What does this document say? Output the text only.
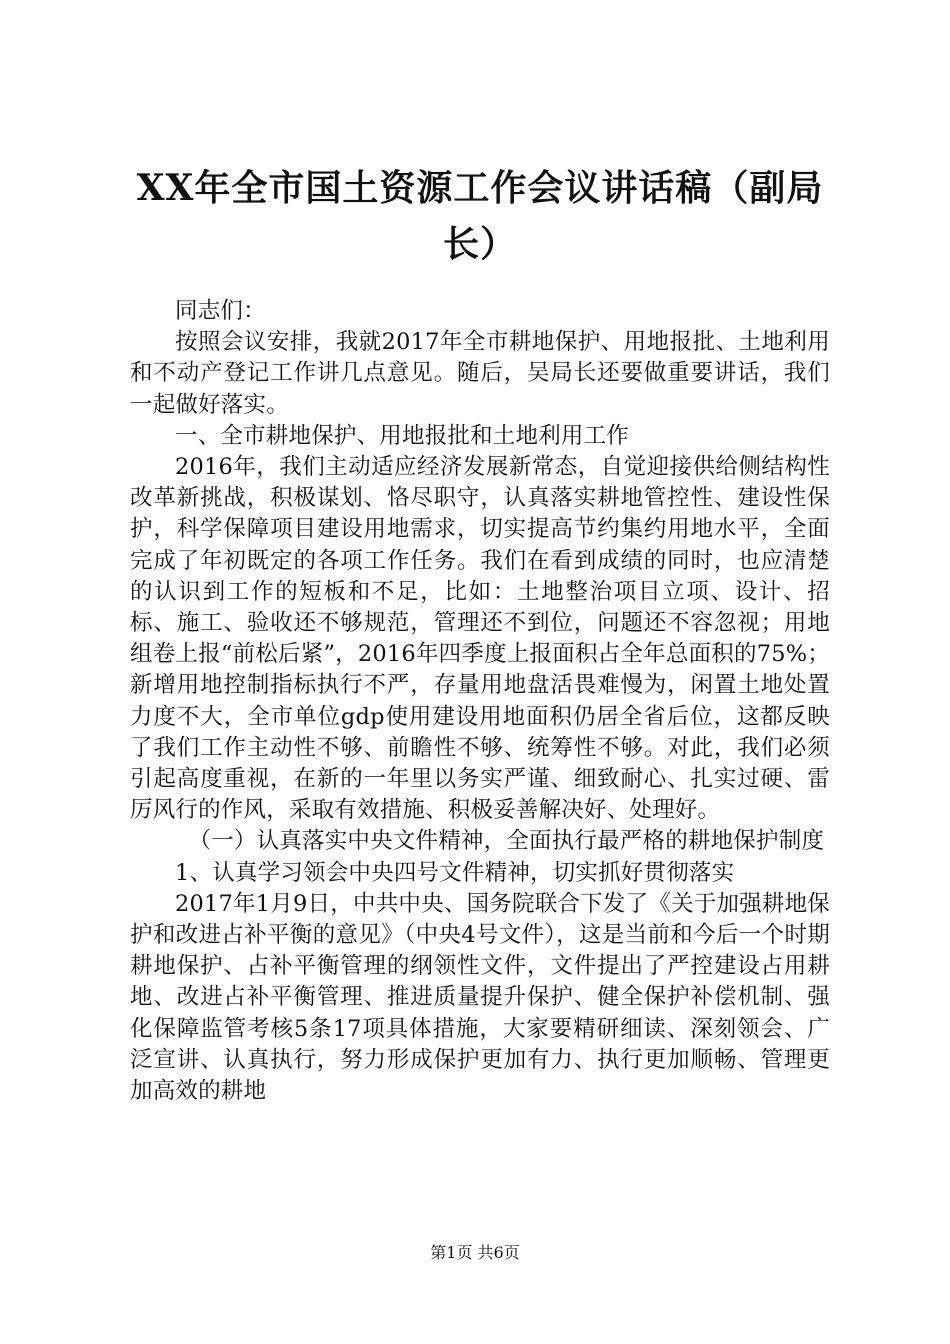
XX年全市国土资源工作会议讲话稿（副局长）

同志们：

按照会议安排，我就2017年全市耕地保护、用地报批、土地利用和不动产登记工作讲几点意见。随后，吴局长还要做重要讲话，我们一起做好落实。

一、全市耕地保护、用地报批和土地利用工作

2016年，我们主动适应经济发展新常态，自觉迎接供给侧结构性改革新挑战，积极谋划、恪尽职守，认真落实耕地管控性、建设性保护，科学保障项目建设用地需求，切实提高节约集约用地水平，全面完成了年初既定的各项工作任务。我们在看到成绩的同时，也应清楚的认识到工作的短板和不足，比如：土地整治项目立项、设计、招标、施工、验收还不够规范，管理还不到位，问题还不容忽视；用地组卷上报“前松后紧”，2016年四季度上报面积占全年总面积的75%；新增用地控制指标执行不严，存量用地盘活畏难慢为，闲置土地处置力度不大，全市单位gdp使用建设用地面积仍居全省后位，这都反映了我们工作主动性不够、前瞻性不够、统筹性不够。对此，我们必须引起高度重视，在新的一年里以务实严谨、细致耐心、扎实过硬、雷厉风行的作风，采取有效措施、积极妥善解决好、处理好。

（一）认真落实中央文件精神，全面执行最严格的耕地保护制度

1、认真学习领会中央四号文件精神，切实抓好贯彻落实

2017年1月9日，中共中央、国务院联合下发了《关于加强耕地保护和改进占补平衡的意见》（中央4号文件），这是当前和今后一个时期耕地保护、占补平衡管理的纲领性文件，文件提出了严控建设占用耕地、改进占补平衡管理、推进质量提升保护、健全保护补偿机制、强化保障监管考核5条17项具体措施，大家要精研细读、深刻领会、广泛宣讲、认真执行，努力形成保护更加有力、执行更加顺畅、管理更加高效的耕地

第1页 共6页
